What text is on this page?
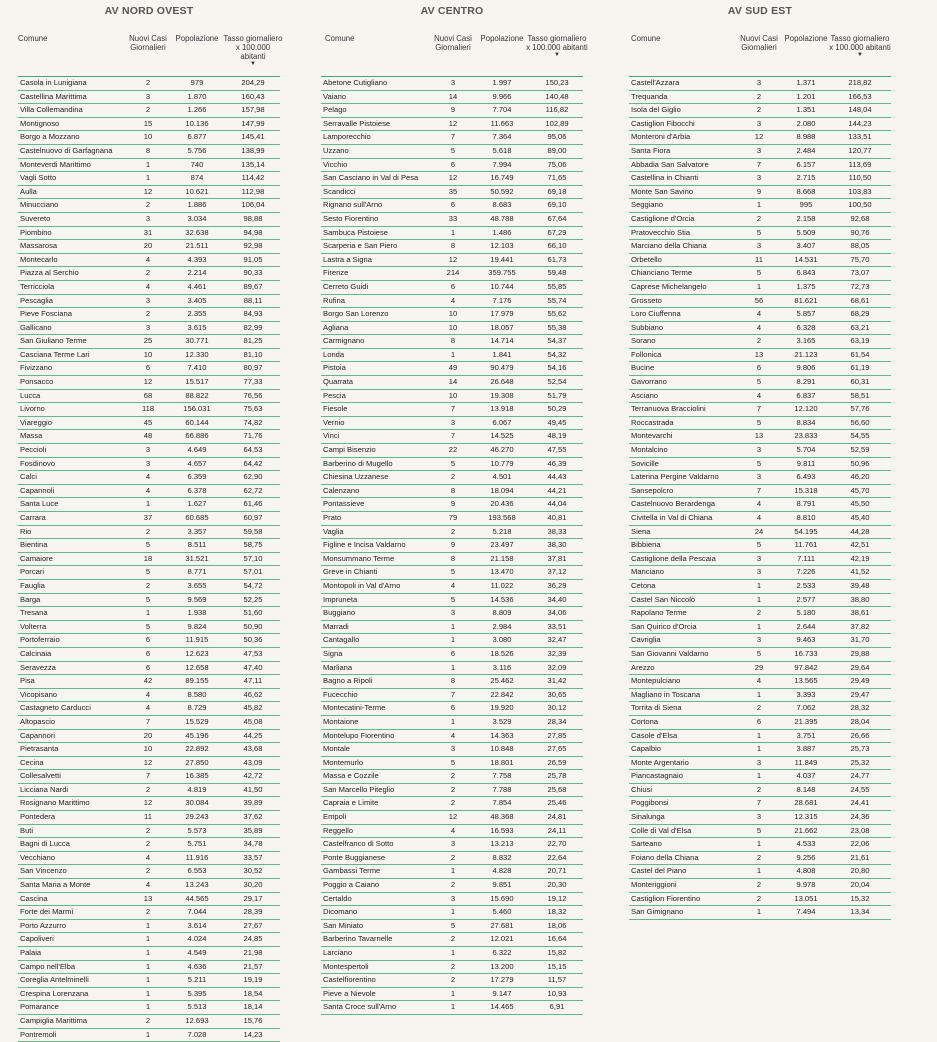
AV NORD OVEST
Comune	Nuovi Casi Giornalieri
Popolazione Tasso giornaliero x 100.000 abitanti
▼
Casola in Lunigiana	2	979	204,29
Castellina Marittima	3	1.870	160,43
Villa Collemandina	2	1.266	157,98
Montignoso	15	10.136	147,99
Borgo a Mozzano	10	6.877	145,41
Castelnuovo di Garfagnana	8	5.756	138,99
Monteverdi Marittimo	1	740	135,14
Vagli Sotto	1	874	114,42
Aulla	12	10.621	112,98
Minucciano	2	1.886	106,04
Suvereto	3	3.034	98,88
Piombino	31	32.638	94,98
Massarosa	20	21.511	92,98
Montecarlo	4	4.393	91,05
Piazza al Serchio	2	2.214	90,33
Terricciola	4	4.461	89,67
Pescaglia	3	3.405	88,11
Pieve Fosciana	2	2.355	84,93
Gallicano	3	3.615	82,99
San Giuliano Terme	25	30.771	81,25
Casciana Terme Lari	10	12.330	81,10
Fivizzano	6	7.410	80,97
Ponsacco	12	15.517	77,33
Lucca	68	88.822	76,56
Livorno	118	156.031	75,63
Viareggio	45	60.144	74,82
Massa	48	66.886	71,76
Peccioli	3	4.649	64,53
Fosdinovo	3	4.657	64,42
Calci	4	6.359	62,90
Capannoli	4	6.378	62,72
Santa Luce	1	1.627	61,46
Carrara	37	60.685	60,97
Rio	2	3.357	59,58
Bientina	5	8.511	58,75
Camaiore	18	31.521	57,10
Porcari	5	8.771	57,01
Fauglia	2	3.655	54,72
Barga	5	9.569	52,25
Tresana	1	1.938	51,60
Volterra	5	9.824	50,90
Portoferraio	6	11.915	50,36
Calcinaia	6	12.623	47,53
Seravezza	6	12.658	47,40
Pisa	42	89.155	47,11
Vicopisano	4	8.580	46,62
Castagneto Carducci	4	8.729	45,82
Altopascio	7	15.529	45,08
Capannori	20	45.196	44,25
Pietrasanta	10	22.892	43,68
Cecina	12	27.850	43,09
Collesalvetti	7	16.385	42,72
Licciana Nardi	2	4.819	41,50
Rosignano Marittimo	12	30.084	39,89
Pontedera	11	29.243	37,62
Buti	2	5.573	35,89
Bagni di Lucca	2	5.751	34,78
Vecchiano	4	11.916	33,57
San Vincenzo	2	6.553	30,52
Santa Maria a Monte	4	13.243	30,20
Cascina	13	44.565	29,17
Forte dei Marmi	2	7.044	28,39
Porto Azzurro	1	3.614	27,67
Capoliveri	1	4.024	24,85
Palaia	1	4.549	21,98
Campo nell'Elba	1	4.636	21,57
Coreglia Antelminelli	1	5.211	19,19
Crespina Lorenzana	1	5.395	18,54
Pomarance	1	5.513	18,14
Campiglia Marittima	2	12.693	15,76
Pontremoli	1	7.028	14,23
AV CENTRO
Comune	Nuovi Casi Giornalieri
Popolazione Tasso giornaliero x 100.000 abitanti
▼
Abetone Cutigliano	3	1.997	150,23
Vaiano	14	9.966	140,48
Pelago	9	7.704	116,82
Serravalle Pistoiese	12	11.663	102,89
Lamporecchio	7	7.364	95,06
Uzzano	5	5.618	89,00
Vicchio	6	7.994	75,06
San Casciano in Val di Pesa	12	16.749	71,65
Scandicci	35	50.592	69,18
Rignano sull'Arno	6	8.683	69,10
Sesto Fiorentino	33	48.788	67,64
Sambuca Pistoiese	1	1.486	67,29
Scarperia e San Piero	8	12.103	66,10
Lastra a Signa	12	19.441	61,73
Firenze	214	359.755	59,48
Cerreto Guidi	6	10.744	55,85
Rufina	4	7.176	55,74
Borgo San Lorenzo	10	17.979	55,62
Agliana	10	18.057	55,38
Carmignano	8	14.714	54,37
Londa	1	1.841	54,32
Pistoia	49	90.479	54,16
Quarrata	14	26.648	52,54
Pescia	10	19.308	51,79
Fiesole	7	13.918	50,29
Vernio	3	6.067	49,45
Vinci	7	14.525	48,19
Campi Bisenzio	22	46.270	47,55
Barberino di Mugello	5	10.779	46,39
Chiesina Uzzanese	2	4.501	44,43
Calenzano	8	18.094	44,21
Pontassieve	9	20.436	44,04
Prato	79	193.568	40,81
Vaglia	2	5.218	38,33
Figline e Incisa Valdarno	9	23.497	38,30
Monsummano Terme	8	21.158	37,81
Greve in Chianti	5	13.470	37,12
Montopoli in Val d'Arno	4	11.022	36,29
Impruneta	5	14.536	34,40
Buggiano	3	8.809	34,06
Marradi	1	2.984	33,51
Cantagallo	1	3.080	32,47
Signa	6	18.526	32,39
Marliana	1	3.116	32,09
Bagno a Ripoli	8	25.462	31,42
Fucecchio	7	22.842	30,65
Montecatini-Terme	6	19.920	30,12
Montaione	1	3.529	28,34
Montelupo Fiorentino	4	14.363	27,85
Montale	3	10.848	27,65
Montemurlo	5	18.801	26,59
Massa e Cozzile	2	7.758	25,78
San Marcello Piteglio	2	7.788	25,68
Capraia e Limite	2	7.854	25,46
Empoli	12	48.368	24,81
Reggello	4	16.593	24,11
Castelfranco di Sotto	3	13.213	22,70
Ponte Buggianese	2	8.832	22,64
Gambassi Terme	1	4.828	20,71
Poggio a Caiano	2	9.851	20,30
Certaldo	3	15.690	19,12
Dicomano	1	5.460	18,32
San Miniato	5	27.681	18,06
Barberino Tavarnelle	2	12.021	16,64
Larciano	1	6.322	15,82
Montespertoli	2	13.200	15,15
Castelfiorentino	2	17.279	11,57
Pieve a Nievole	1	9.147	10,93
Santa Croce sull'Arno	1	14.465	6,91
AV SUD EST
Comune	Nuovi Casi Giornalieri
Popolazione Tasso giornaliero x 100.000 abitanti
▼
Castell'Azzara	3	1.371	218,82
Trequanda	2	1.201	166,53
Isola del Giglio	2	1.351	148,04
Castiglion Fibocchi	3	2.080	144,23
Monteroni d'Arbia	12	8.988	133,51
Santa Fiora	3	2.484	120,77
Abbadia San Salvatore	7	6.157	113,69
Castellina in Chianti	3	2.715	110,50
Monte San Savino	9	8.668	103,83
Seggiano	1	995	100,50
Castiglione d'Orcia	2	2.158	92,68
Pratovecchio Stia	5	5.509	90,76
Marciano della Chiana	3	3.407	88,05
Orbetello	11	14.531	75,70
Chianciano Terme	5	6.843	73,07
Caprese Michelangelo	1	1.375	72,73
Grosseto	56	81.621	68,61
Loro Ciuffenna	4	5.857	68,29
Subbiano	4	6.328	63,21
Sorano	2	3.165	63,19
Follonica	13	21.123	61,54
Bucine	6	9.806	61,19
Gavorrano	5	8.291	60,31
Asciano	4	6.837	58,51
Terranuova Bracciolini	7	12.120	57,76
Roccastrada	5	8.834	56,60
Montevarchi	13	23.833	54,55
Montalcino	3	5.704	52,59
Sovicille	5	9.811	50,96
Laterina Pergine Valdarno	3	6.493	46,20
Sansepolcro	7	15.318	45,70
Castelnuovo Berardenga	4	8.791	45,50
Civitella in Val di Chiana	4	8.810	45,40
Siena	24	54.195	44,28
Bibbiena	5	11.761	42,51
Castiglione della Pescaia	3	7.111	42,19
Manciano	3	7.226	41,52
Cetona	1	2.533	39,48
Castel San Niccolò	1	2.577	38,80
Rapolano Terme	2	5.180	38,61
San Quirico d'Orcia	1	2.644	37,82
Cavriglia	3	9.463	31,70
San Giovanni Valdarno	5	16.733	29,88
Arezzo	29	97.842	29,64
Montepulciano	4	13.565	29,49
Magliano in Toscana	1	3.393	29,47
Torrita di Siena	2	7.062	28,32
Cortona	6	21.395	28,04
Casole d'Elsa	1	3.751	26,66
Capalbio	1	3.887	25,73
Monte Argentario	3	11.849	25,32
Piancastagnaio	1	4.037	24,77
Chiusi	2	8.148	24,55
Poggibonsi	7	28.681	24,41
Sinalunga	3	12.315	24,36
Colle di Val d'Elsa	5	21.662	23,08
Sarteano	1	4.533	22,06
Foiano della Chiana	2	9.256	21,61
Castel del Piano	1	4.808	20,80
Monteriggioni	2	9.978	20,04
Castiglion Fiorentino	2	13.051	15,32
San Gimignano	1	7.494	13,34
